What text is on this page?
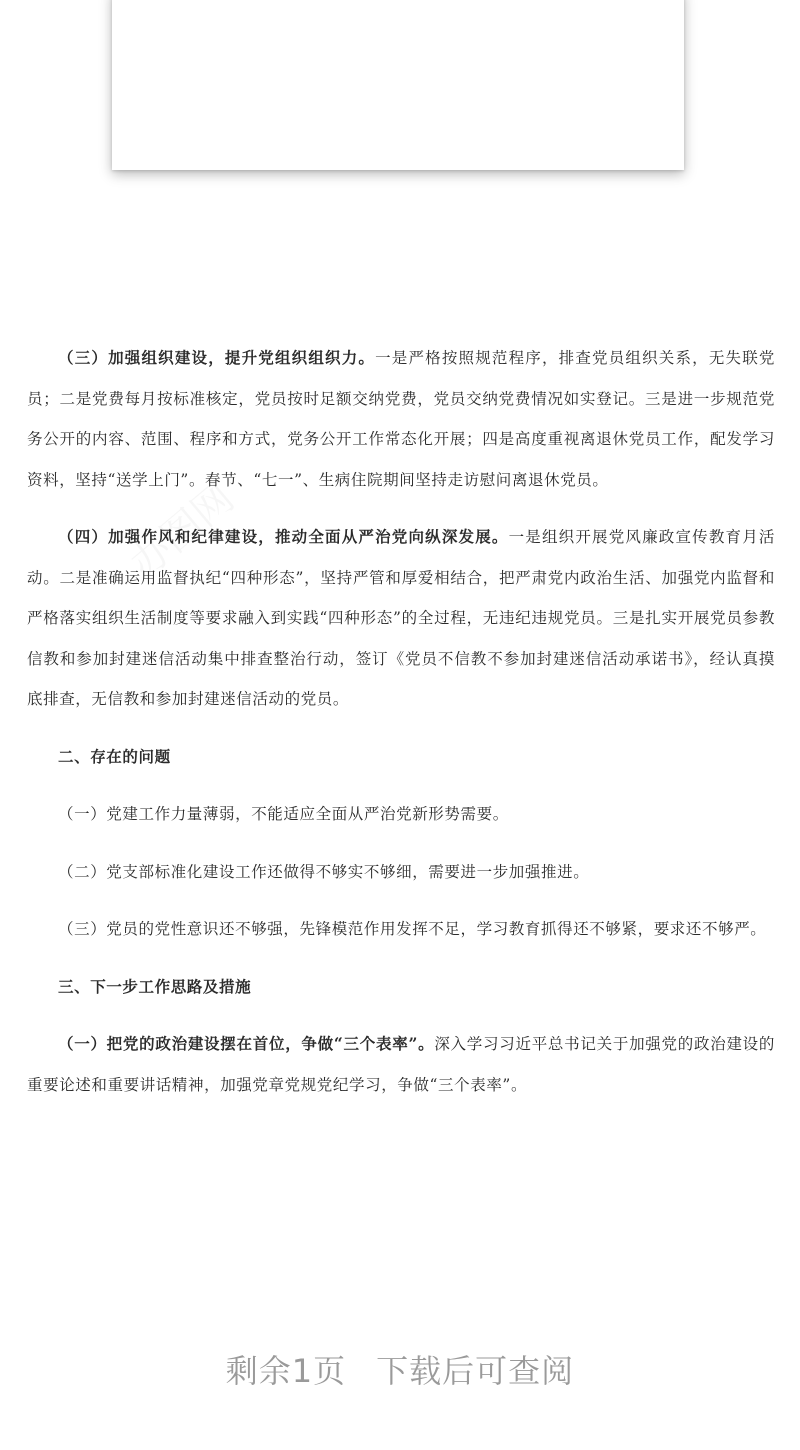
（三）加强组织建设，提升党组织组织力。一是严格按照规范程序，排查党员组织关系，无失联党员；二是党费每月按标准核定，党员按时足额交纳党费，党员交纳党费情况如实登记。三是进一步规范党务公开的内容、范围、程序和方式，党务公开工作常态化开展；四是高度重视离退休党员工作，配发学习资料，坚持“送学上门”。春节、“七一”、生病住院期间坚持走访慰问离退休党员。

（四）加强作风和纪律建设，推动全面从严治党向纵深发展。一是组织开展党风廉政宣传教育月活动。二是准确运用监督执纪“四种形态”，坚持严管和厚爱相结合，把严肃党内政治生活、加强党内监督和严格落实组织生活制度等要求融入到实践“四种形态”的全过程，无违纪违规党员。三是扎实开展党员参教信教和参加封建迷信活动集中排查整治行动，签订《党员不信教不参加封建迷信活动承诺书》，经认真摸底排查，无信教和参加封建迷信活动的党员。

二、存在的问题

（一）党建工作力量薄弱，不能适应全面从严治党新形势需要。

（二）党支部标准化建设工作还做得不够实不够细，需要进一步加强推进。

（三）党员的党性意识还不够强，先锋模范作用发挥不足，学习教育抓得还不够紧，要求还不够严。

三、下一步工作思路及措施

（一）把党的政治建设摆在首位，争做“三个表率”。深入学习习近平总书记关于加强党的政治建设的重要论述和重要讲话精神，加强党章党规党纪学习，争做“三个表率”。

剩余1页 下载后可查阅
